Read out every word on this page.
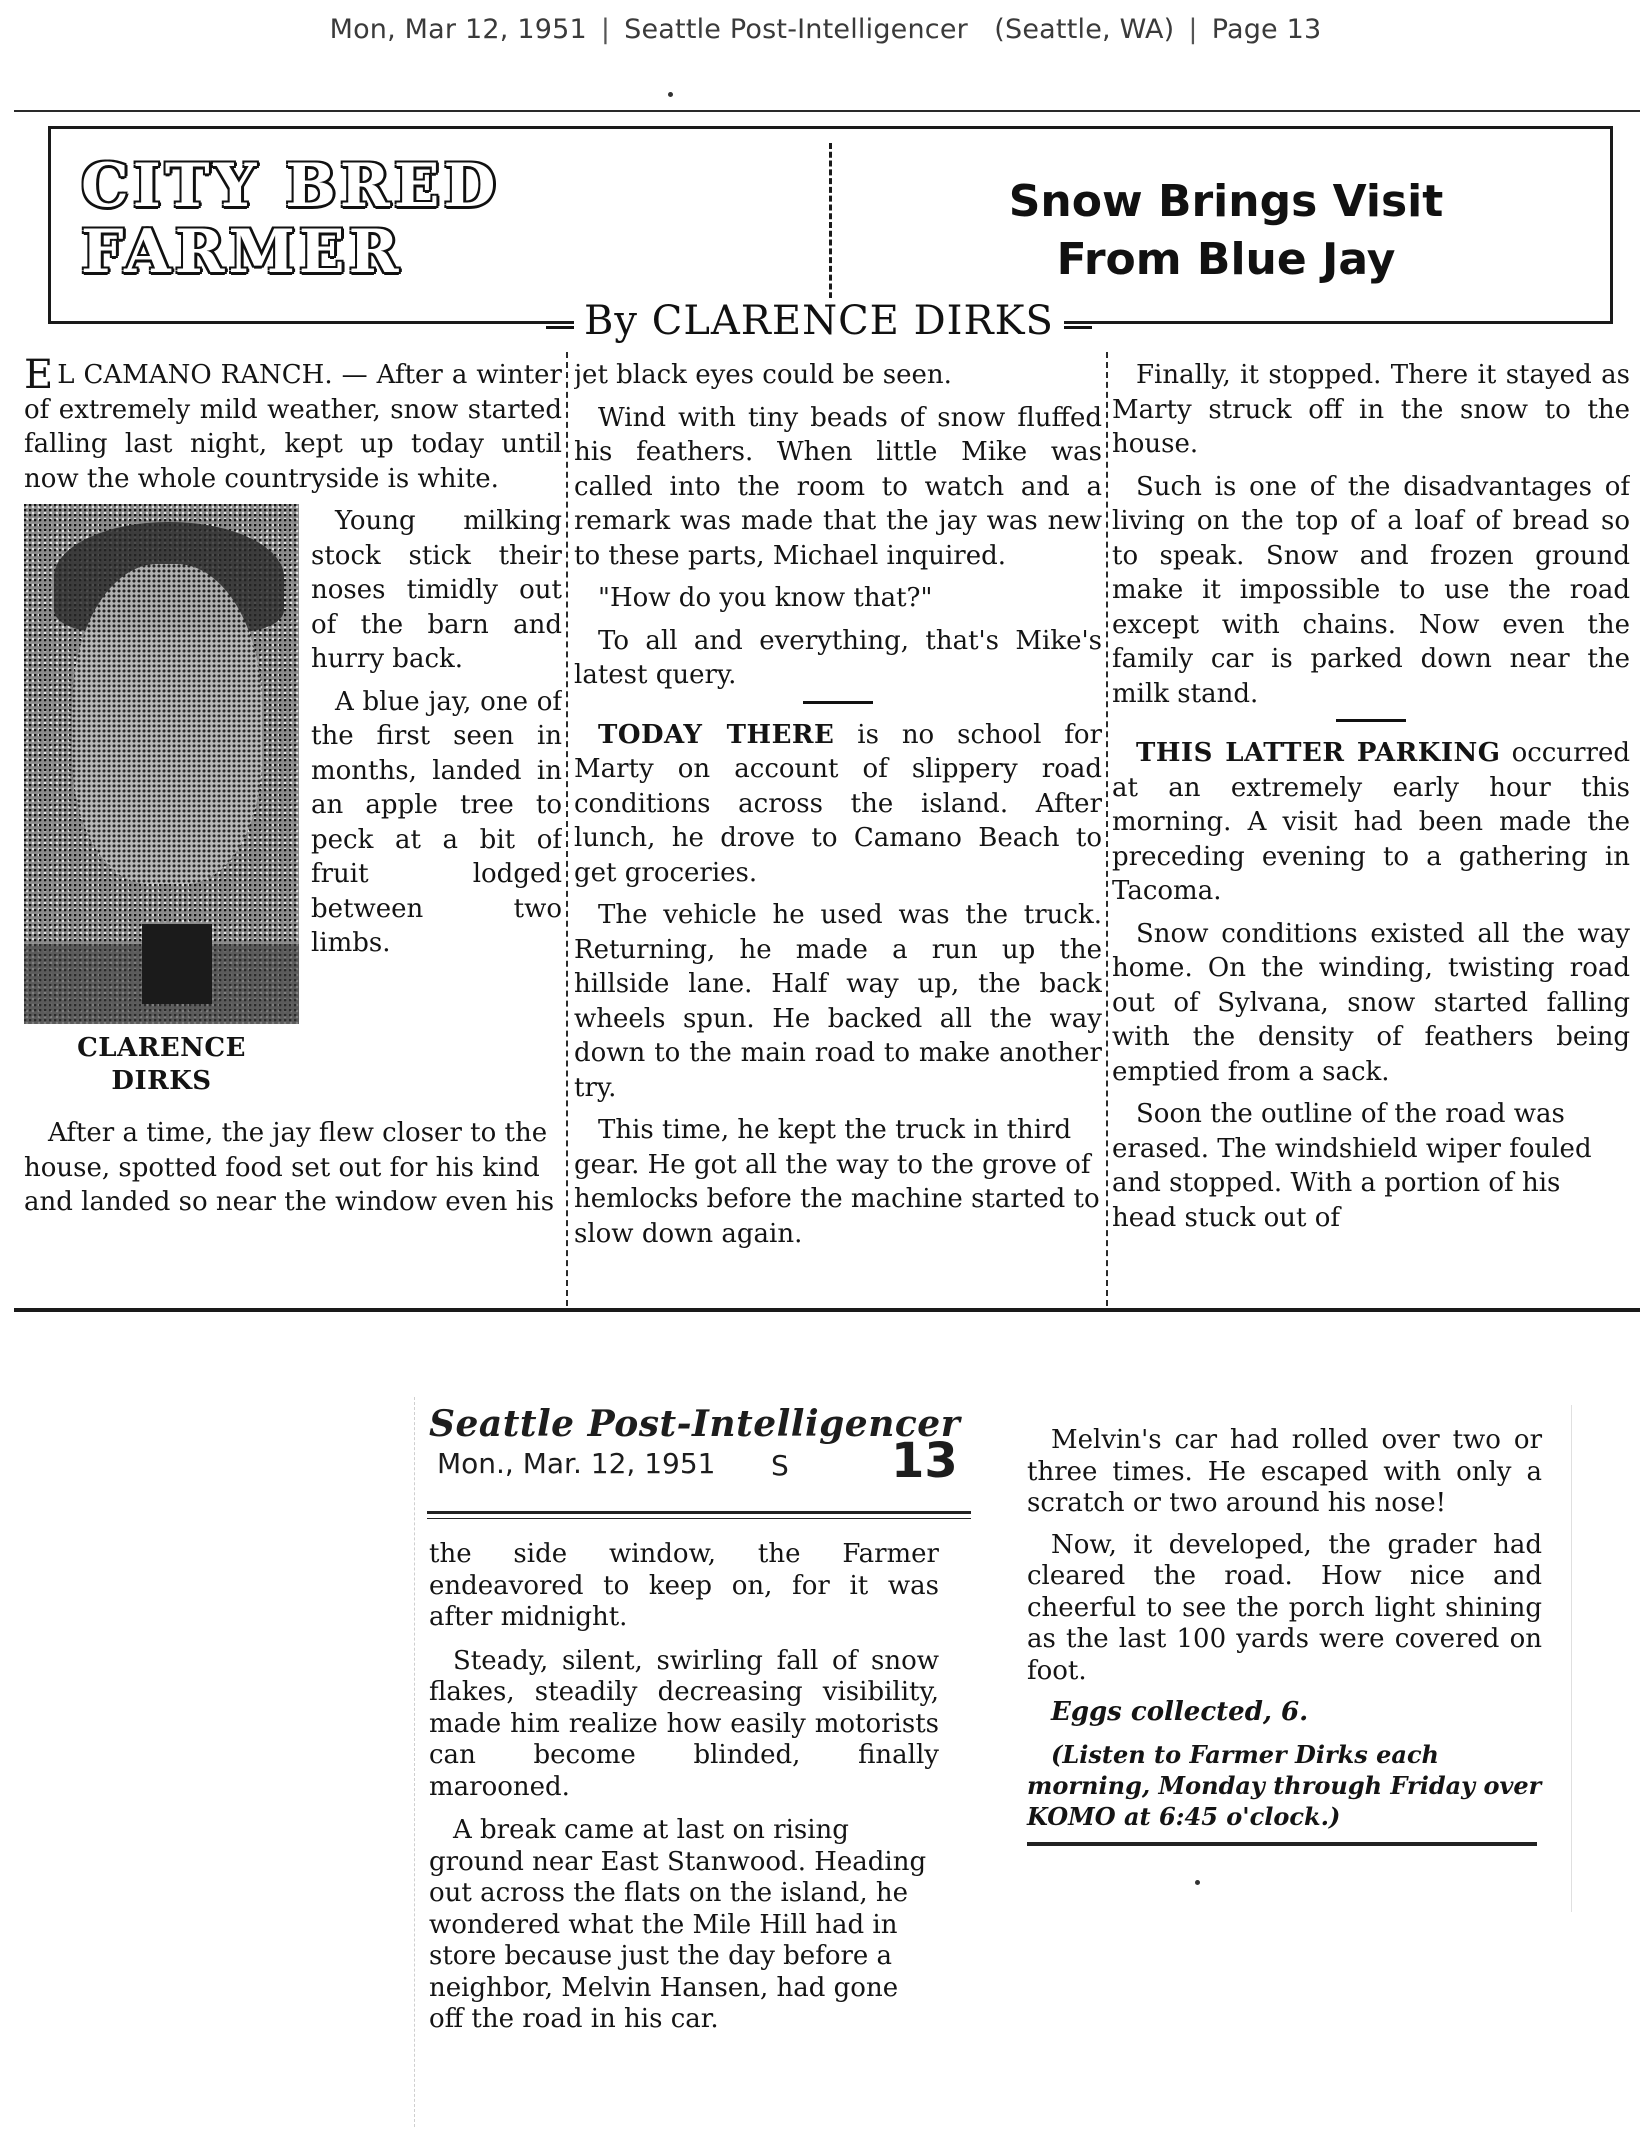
Mon, Mar 12, 1951 | Seattle Post-Intelligencer (Seattle, WA) | Page 13
CITY BRED
FARMER
Snow Brings Visit
From Blue Jay
By CLARENCE DIRKS

E L CAMANO RANCH. — After a winter of extremely mild weather, snow started falling last night, kept up today until now the whole countryside is white.

CLARENCE
DIRKS

Young milking stock stick their noses timidly out of the barn and hurry back.

A blue jay, one of the first seen in months, landed in an apple tree to peck at a bit of fruit lodged between two limbs.

After a time, the jay flew closer to the house, spotted food set out for his kind and landed so near the window even his

jet black eyes could be seen.

Wind with tiny beads of snow fluffed his feathers. When little Mike was called into the room to watch and a remark was made that the jay was new to these parts, Michael inquired.

"How do you know that?"

To all and everything, that's Mike's latest query.

TODAY THERE is no school for Marty on account of slippery road conditions across the island. After lunch, he drove to Camano Beach to get groceries.

The vehicle he used was the truck. Returning, he made a run up the hillside lane. Half way up, the back wheels spun. He backed all the way down to the main road to make another try.

This time, he kept the truck in third gear. He got all the way to the grove of hemlocks before the machine started to slow down again.

Finally, it stopped. There it stayed as Marty struck off in the snow to the house.

Such is one of the disadvantages of living on the top of a loaf of bread so to speak. Snow and frozen ground make it impossible to use the road except with chains. Now even the family car is parked down near the milk stand.

THIS LATTER PARKING occurred at an extremely early hour this morning. A visit had been made the preceding evening to a gathering in Tacoma.

Snow conditions existed all the way home. On the winding, twisting road out of Sylvana, snow started falling with the density of feathers being emptied from a sack.

Soon the outline of the road was erased. The windshield wiper fouled and stopped. With a portion of his head stuck out of

Seattle Post-Intelligencer
Mon., Mar. 12, 1951 S 13

the side window, the Farmer endeavored to keep on, for it was after midnight.

Steady, silent, swirling fall of snow flakes, steadily decreasing visibility, made him realize how easily motorists can become blinded, finally marooned.

A break came at last on rising ground near East Stanwood. Heading out across the flats on the island, he wondered what the Mile Hill had in store because just the day before a neighbor, Melvin Hansen, had gone off the road in his car.

Melvin's car had rolled over two or three times. He escaped with only a scratch or two around his nose!

Now, it developed, the grader had cleared the road. How nice and cheerful to see the porch light shining as the last 100 yards were covered on foot.

Eggs collected, 6.

(Listen to Farmer Dirks each morning, Monday through Friday over KOMO at 6:45 o'clock.)
